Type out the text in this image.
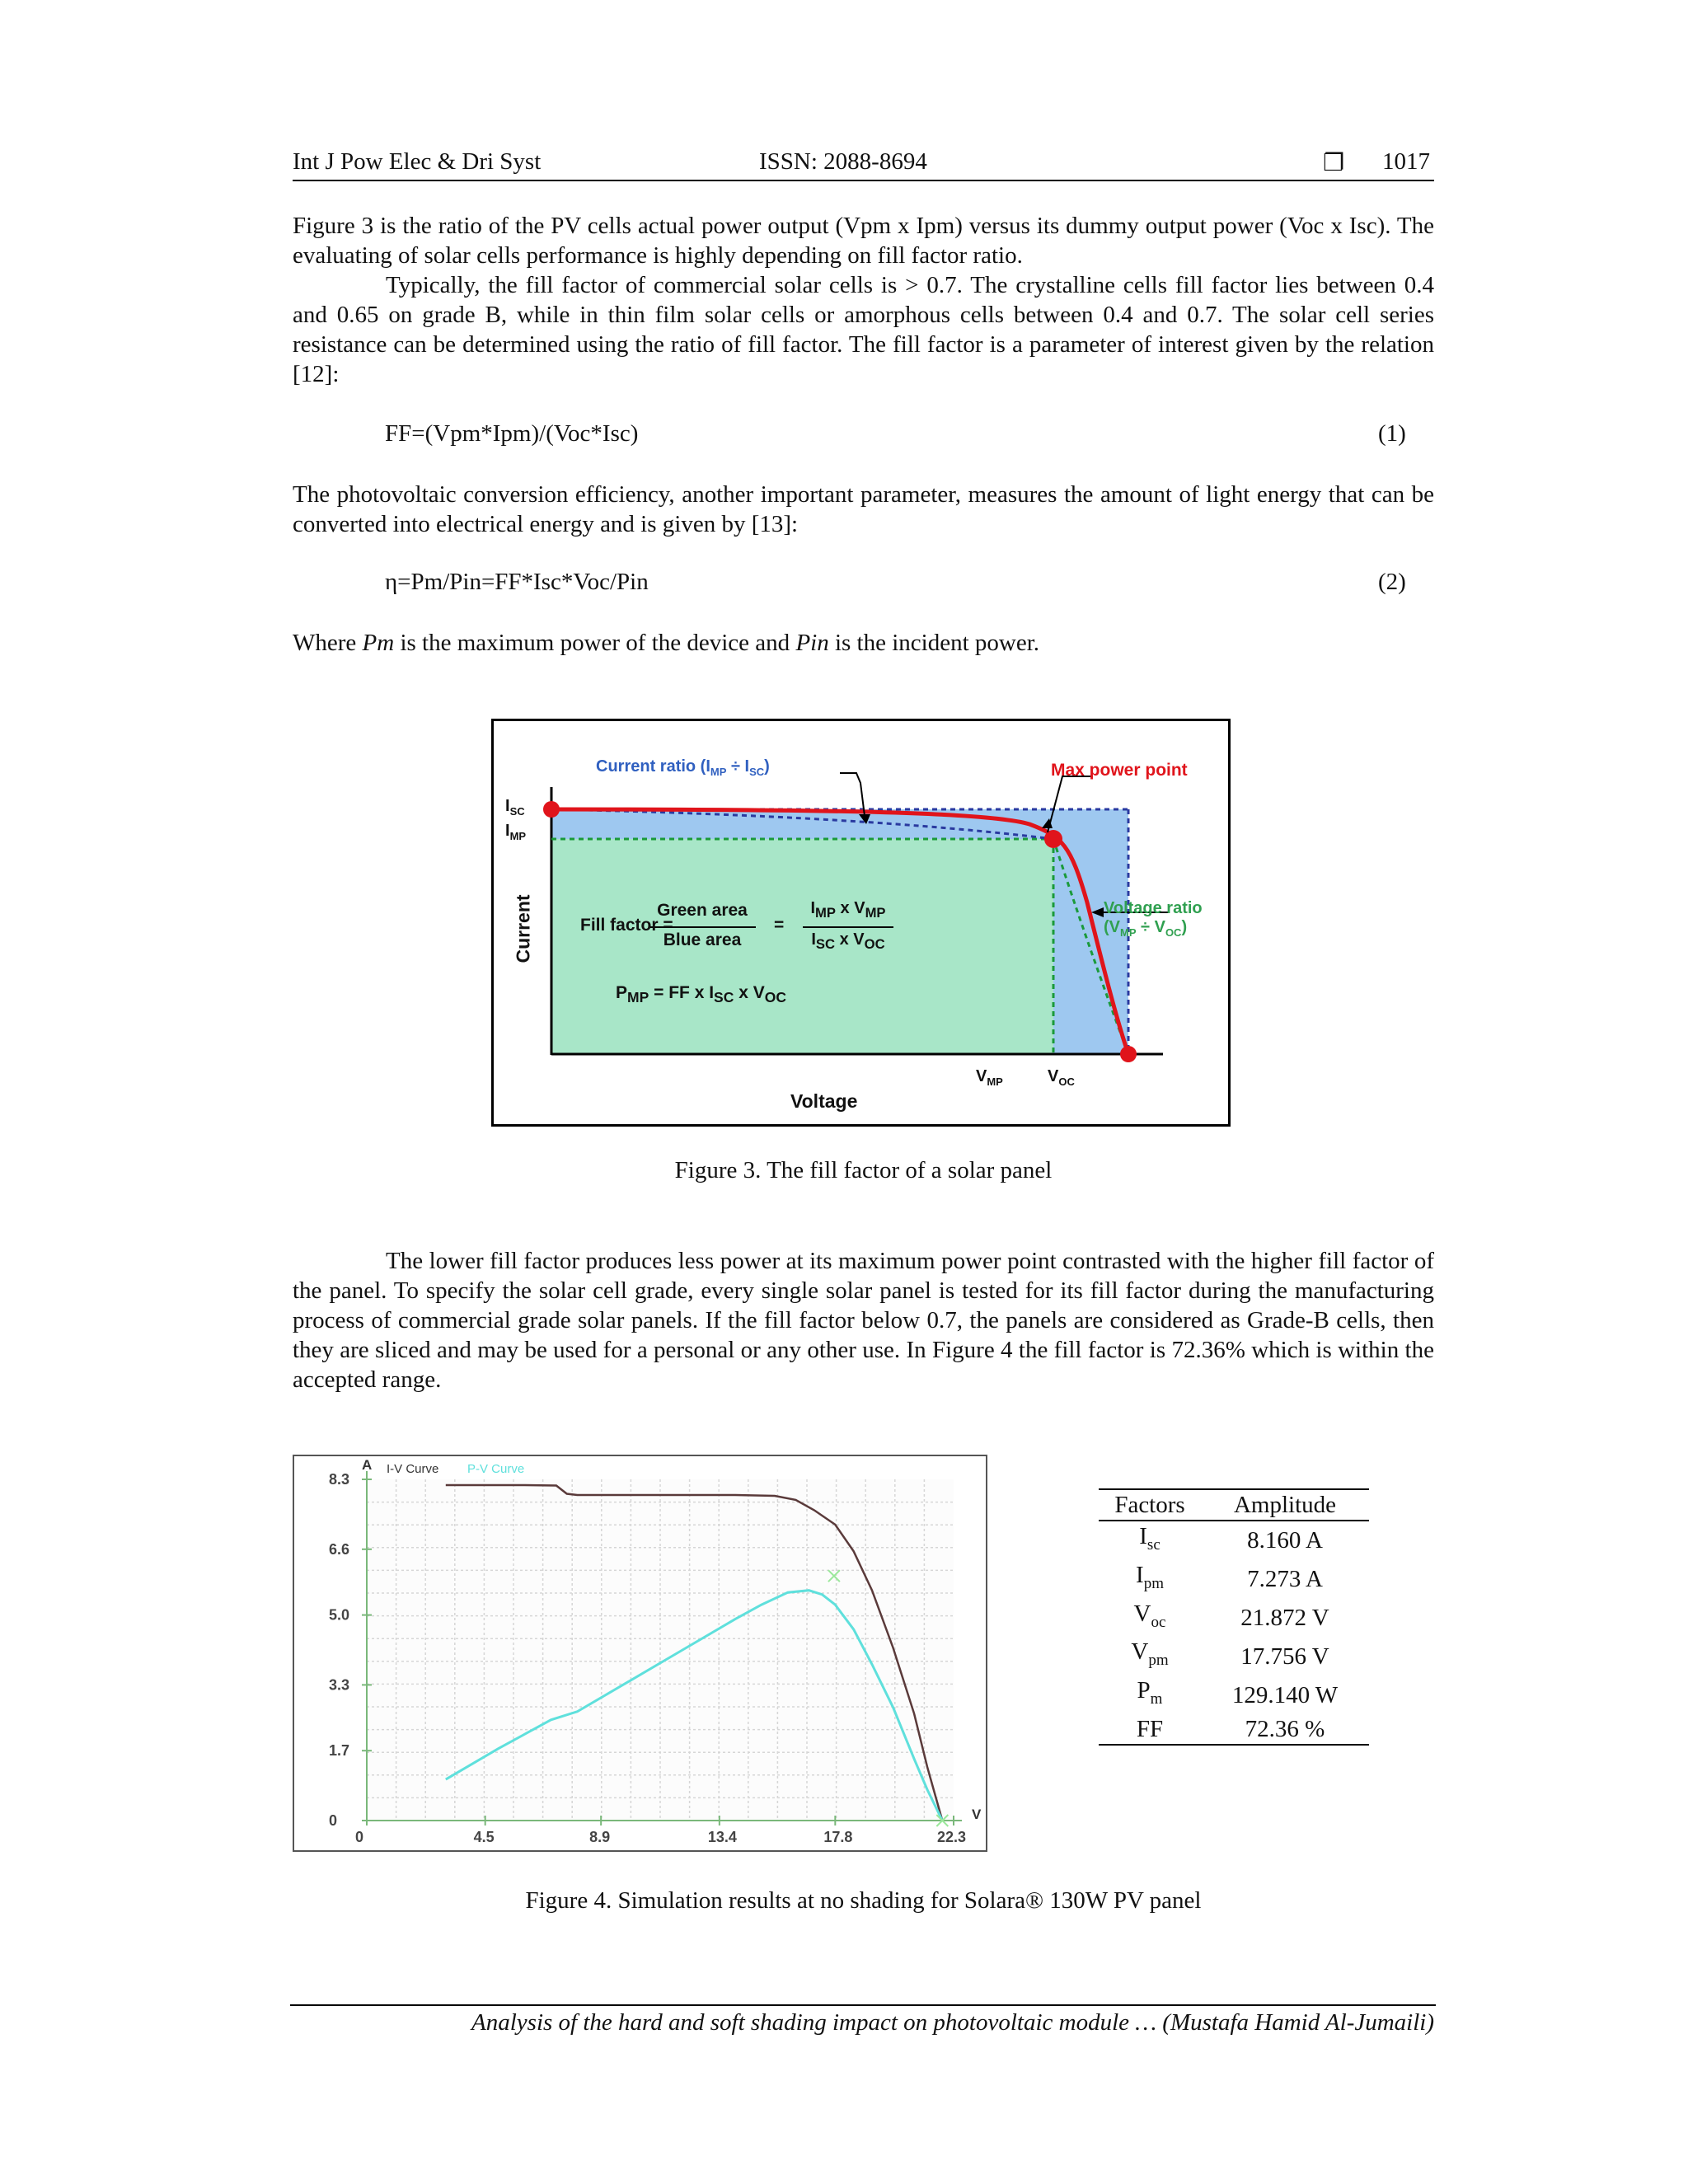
Int J Pow Elec & Dri Syst	ISSN: 2088-8694	❐ 1017
Figure 3 is the ratio of the PV cells actual power output (Vpm x Ipm) versus its dummy output power (Voc x Isc). The evaluating of solar cells performance is highly depending on fill factor ratio.
Typically, the fill factor of commercial solar cells is > 0.7. The crystalline cells fill factor lies between 0.4 and 0.65 on grade B, while in thin film solar cells or amorphous cells between 0.4 and 0.7. The solar cell series resistance can be determined using the ratio of fill factor. The fill factor is a parameter of interest given by the relation [12]:
FF=(Vpm*Ipm)/(Voc*Isc)	(1)
The photovoltaic conversion efficiency, another important parameter, measures the amount of light energy that can be converted into electrical energy and is given by [13]:
η=Pm/Pin=FF*Isc*Voc/Pin	(2)
Where Pm is the maximum power of the device and Pin is the incident power.
Current ratio $(I_{MP} \div I_{SC})$	Max power point
Voltage ratio
$(V_{MP} \div V_{OC})$
$I_{SC}$
$I_{MP}$
Current
Voltage
$V_{MP}$	$V_{OC}$
Fill factor =
Green area
Blue area
=
$I_{MP}$ x $V_{MP}$
$I_{SC}$ x $V_{OC}$
$P_{MP}$ = FF x $I_{SC}$ x $V_{OC}$
Figure 3. The fill factor of a solar panel
The lower fill factor produces less power at its maximum power point contrasted with the higher fill factor of the panel. To specify the solar cell grade, every single solar panel is tested for its fill factor during the manufacturing process of commercial grade solar panels. If the fill factor below 0.7, the panels are considered as Grade-B cells, then they are sliced and may be used for a personal or any other use. In Figure 4 the fill factor is 72.36% which is within the accepted range.
I-V Curve P-V Curve
A
V
0
1.7
3.3
5.0
6.6
8.3
0	4.5	8.9	13.4	17.8	22.3
Factors	Amplitude
$I_{sc}$	8.160 A
$I_{pm}$	7.273 A
$V_{oc}$	21.872 V
$V_{pm}$	17.756 V
$P_m$	129.140 W
FF	72.36 %
Figure 4. Simulation results at no shading for Solara® 130W PV panel
Analysis of the hard and soft shading impact on photovoltaic module … (Mustafa Hamid Al-Jumaili)
